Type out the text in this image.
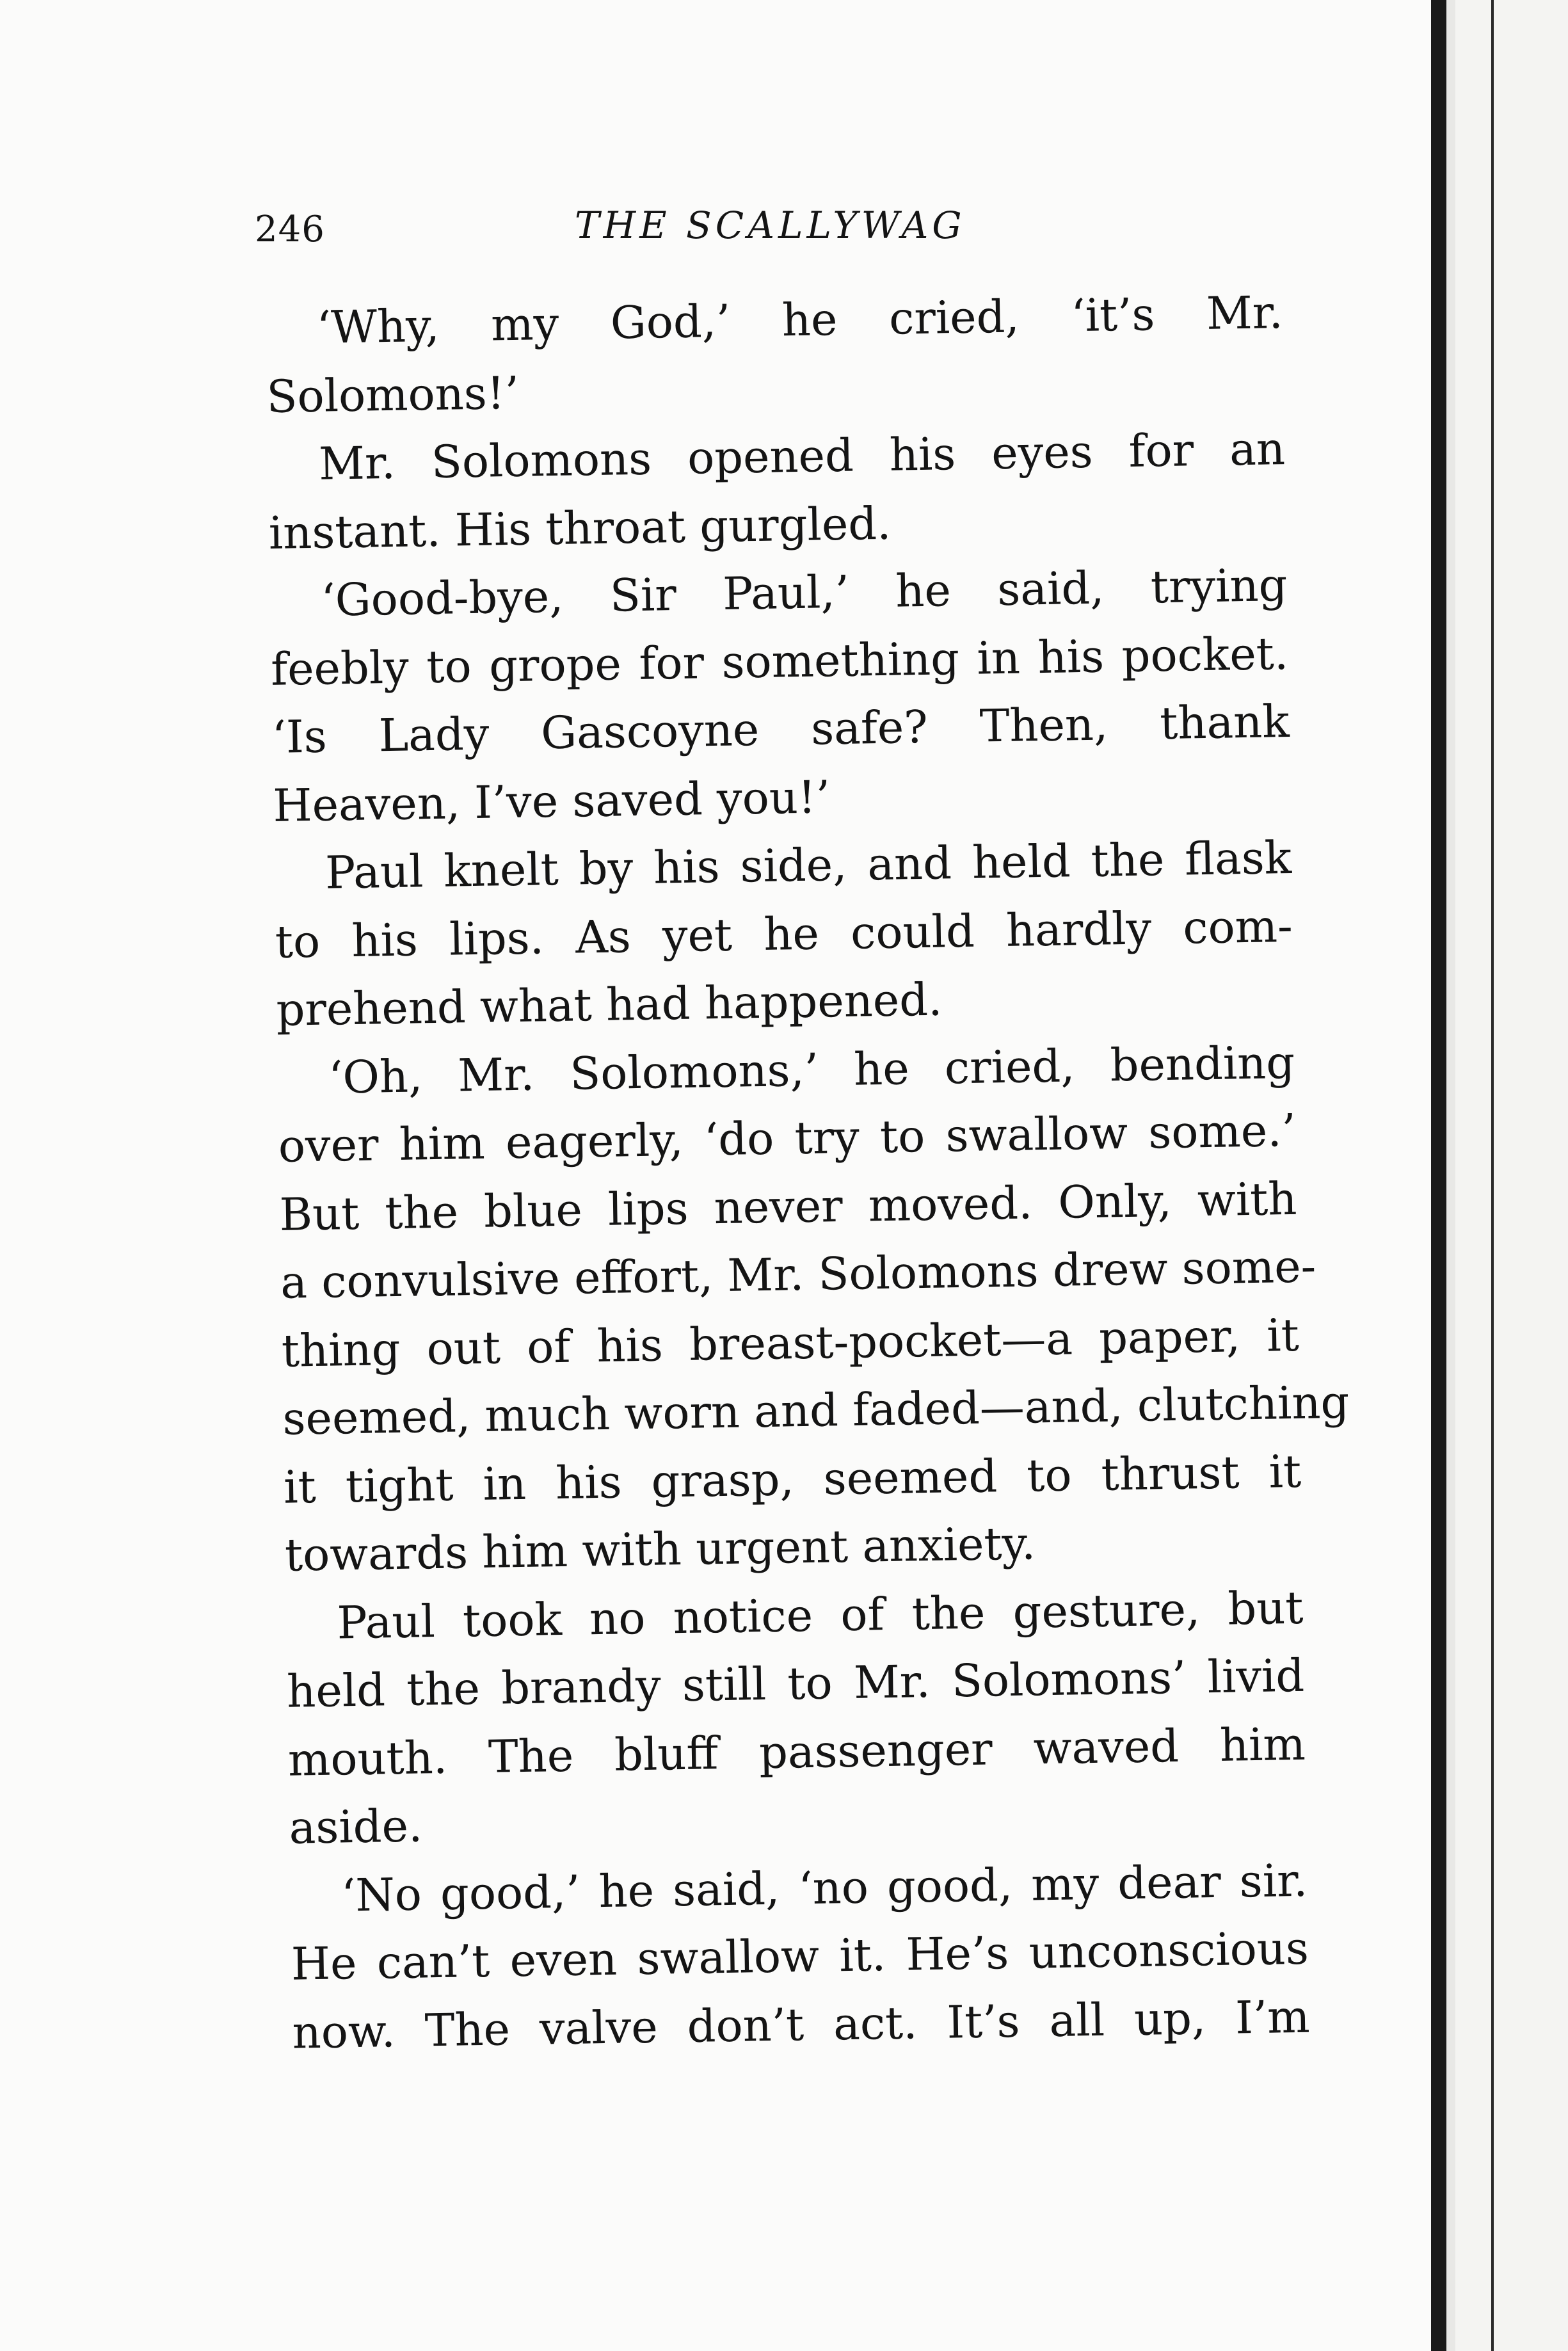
246	THE SCALLYWAG
‘Why, my God,’ he cried, ‘it’s Mr.
Solomons!’
Mr. Solomons opened his eyes for an
instant. His throat gurgled.
‘Good-bye, Sir Paul,’ he said, trying
feebly to grope for something in his pocket.
‘Is Lady Gascoyne safe? Then, thank
Heaven, I’ve saved you!’
Paul knelt by his side, and held the flask
to his lips. As yet he could hardly com-
prehend what had happened.
‘Oh, Mr. Solomons,’ he cried, bending
over him eagerly, ‘do try to swallow some.’
But the blue lips never moved. Only, with
a convulsive effort, Mr. Solomons drew some-
thing out of his breast-pocket—a paper, it
seemed, much worn and faded—and, clutching
it tight in his grasp, seemed to thrust it
towards him with urgent anxiety.
Paul took no notice of the gesture, but
held the brandy still to Mr. Solomons’ livid
mouth. The bluff passenger waved him
aside.
‘No good,’ he said, ‘no good, my dear sir.
He can’t even swallow it. He’s unconscious
now. The valve don’t act. It’s all up, I’m
